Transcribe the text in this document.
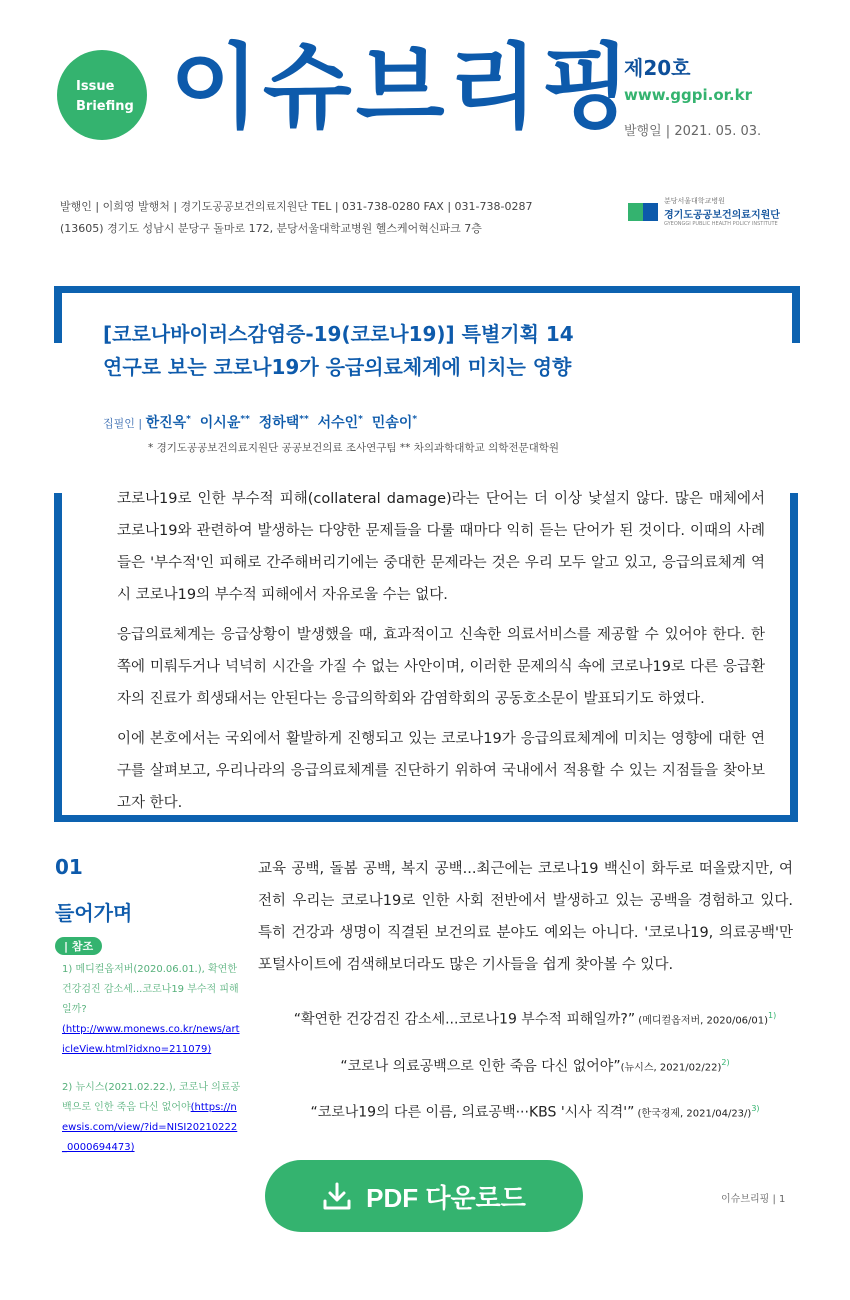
Issue
Briefing 이슈브리핑
제20호
www.ggpi.or.kr
발행일 | 2021. 05. 03.
발행인 | 이희영 발행처 | 경기도공공보건의료지원단 TEL | 031-738-0280 FAX | 031-738-0287
(13605) 경기도 성남시 분당구 돌마로 172, 분당서울대학교병원 헬스케어혁신파크 7층
분당서울대학교병원
경기도공공보건의료지원단
GYEONGGI PUBLIC HEALTH POLICY INSTITUTE
[코로나바이러스감염증-19(코로나19)] 특별기획 14
연구로 보는 코로나19가 응급의료체계에 미치는 영향
집필인 | 한진옥* 이시윤** 정하택** 서수인* 민솜이*
* 경기도공공보건의료지원단 공공보건의료 조사연구팀 ** 차의과학대학교 의학전문대학원

코로나19로 인한 부수적 피해(collateral damage)라는 단어는 더 이상 낯설지 않다. 많은 매체에서 코로나19와 관련하여 발생하는 다양한 문제들을 다룰 때마다 익히 듣는 단어가 된 것이다. 이때의 사례들은 '부수적'인 피해로 간주해버리기에는 중대한 문제라는 것은 우리 모두 알고 있고, 응급의료체계 역시 코로나19의 부수적 피해에서 자유로울 수는 없다.

응급의료체계는 응급상황이 발생했을 때, 효과적이고 신속한 의료서비스를 제공할 수 있어야 한다. 한쪽에 미뤄두거나 넉넉히 시간을 가질 수 없는 사안이며, 이러한 문제의식 속에 코로나19로 다른 응급환자의 진료가 희생돼서는 안된다는 응급의학회와 감염학회의 공동호소문이 발표되기도 하였다.

이에 본호에서는 국외에서 활발하게 진행되고 있는 코로나19가 응급의료체계에 미치는 영향에 대한 연구를 살펴보고, 우리나라의 응급의료체계를 진단하기 위하여 국내에서 적용할 수 있는 지점들을 찾아보고자 한다.

01
들어가며
| 참조

1) 메디컬옵저버(2020.06.01.), 확연한 건강검진 감소세...코로나19 부수적 피해일까?
(http://www.monews.co.kr/news/articleView.html?idxno=211079)

2) 뉴시스(2021.02.22.), 코로나 의료공백으로 인한 죽음 다신 없어야(https://newsis.com/view/?id=NISI20210222_0000694473)

교육 공백, 돌봄 공백, 복지 공백...최근에는 코로나19 백신이 화두로 떠올랐지만, 여전히 우리는 코로나19로 인한 사회 전반에서 발생하고 있는 공백을 경험하고 있다. 특히 건강과 생명이 직결된 보건의료 분야도 예외는 아니다. '코로나19, 의료공백'만 포털사이트에 검색해보더라도 많은 기사들을 쉽게 찾아볼 수 있다.
“확연한 건강검진 감소세...코로나19 부수적 피해일까?” (메디컬옵저버, 2020/06/01)$^{1)}$
“코로나 의료공백으로 인한 죽음 다신 없어야”(뉴시스, 2021/02/22)$^{2)}$
“코로나19의 다른 이름, 의료공백···KBS '시사 직격'” (한국경제, 2021/04/23/)$^{3)}$
이슈브리핑 | 1
PDF 다운로드
